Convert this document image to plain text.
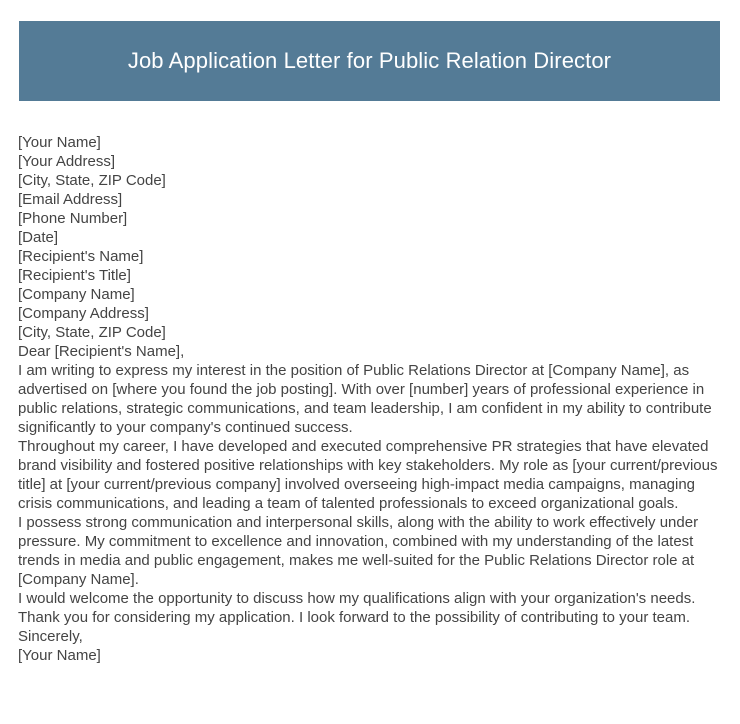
Job Application Letter for Public Relation Director
[Your Name]
[Your Address]
[City, State, ZIP Code]
[Email Address]
[Phone Number]
[Date]
[Recipient's Name]
[Recipient's Title]
[Company Name]
[Company Address]
[City, State, ZIP Code]
Dear [Recipient's Name],

I am writing to express my interest in the position of Public Relations Director at [Company Name], as advertised on [where you found the job posting]. With over [number] years of professional experience in public relations, strategic communications, and team leadership, I am confident in my ability to contribute significantly to your company's continued success.

Throughout my career, I have developed and executed comprehensive PR strategies that have elevated brand visibility and fostered positive relationships with key stakeholders. My role as [your current/previous title] at [your current/previous company] involved overseeing high-impact media campaigns, managing crisis communications, and leading a team of talented professionals to exceed organizational goals.

I possess strong communication and interpersonal skills, along with the ability to work effectively under pressure. My commitment to excellence and innovation, combined with my understanding of the latest trends in media and public engagement, makes me well-suited for the Public Relations Director role at [Company Name].

I would welcome the opportunity to discuss how my qualifications align with your organization's needs. Thank you for considering my application. I look forward to the possibility of contributing to your team.

Sincerely,
[Your Name]
